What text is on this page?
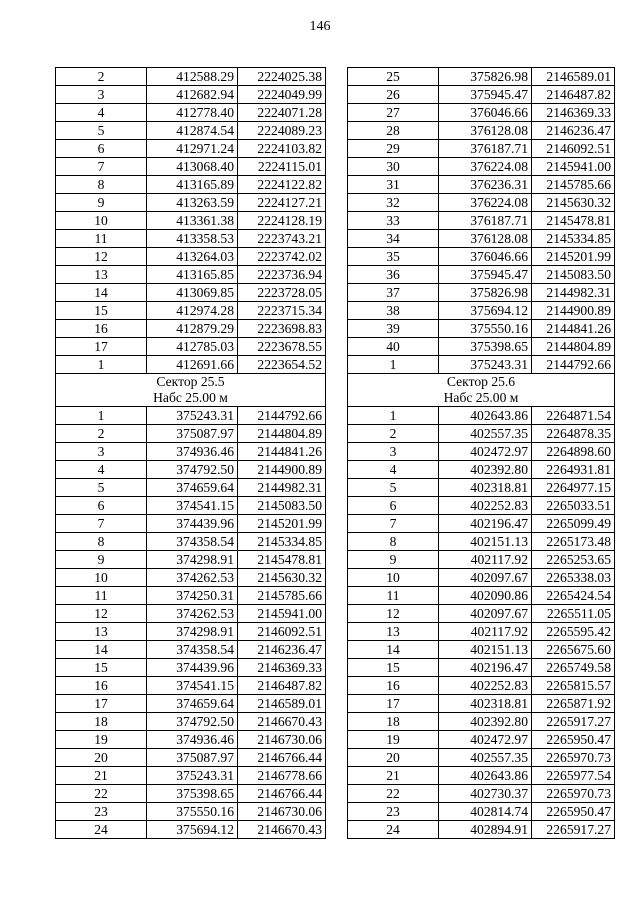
146
2	412588.29	2224025.38
3	412682.94	2224049.99
4	412778.40	2224071.28
5	412874.54	2224089.23
6	412971.24	2224103.82
7	413068.40	2224115.01
8	413165.89	2224122.82
9	413263.59	2224127.21
10	413361.38	2224128.19
11	413358.53	2223743.21
12	413264.03	2223742.02
13	413165.85	2223736.94
14	413069.85	2223728.05
15	412974.28	2223715.34
16	412879.29	2223698.83
17	412785.03	2223678.55
1	412691.66	2223654.52

Сектор 25.5
Набс 25.00 м		

1	375243.31	2144792.66
2	375087.97	2144804.89
3	374936.46	2144841.26
4	374792.50	2144900.89
5	374659.64	2144982.31
6	374541.15	2145083.50
7	374439.96	2145201.99
8	374358.54	2145334.85
9	374298.91	2145478.81
10	374262.53	2145630.32
11	374250.31	2145785.66
12	374262.53	2145941.00
13	374298.91	2146092.51
14	374358.54	2146236.47
15	374439.96	2146369.33
16	374541.15	2146487.82
17	374659.64	2146589.01
18	374792.50	2146670.43
19	374936.46	2146730.06
20	375087.97	2146766.44
21	375243.31	2146778.66
22	375398.65	2146766.44
23	375550.16	2146730.06
24	375694.12	2146670.43
25	375826.98	2146589.01
26	375945.47	2146487.82
27	376046.66	2146369.33
28	376128.08	2146236.47
29	376187.71	2146092.51
30	376224.08	2145941.00
31	376236.31	2145785.66
32	376224.08	2145630.32
33	376187.71	2145478.81
34	376128.08	2145334.85
35	376046.66	2145201.99
36	375945.47	2145083.50
37	375826.98	2144982.31
38	375694.12	2144900.89
39	375550.16	2144841.26
40	375398.65	2144804.89
1	375243.31	2144792.66

Сектор 25.6
Набс 25.00 м		

1	402643.86	2264871.54
2	402557.35	2264878.35
3	402472.97	2264898.60
4	402392.80	2264931.81
5	402318.81	2264977.15
6	402252.83	2265033.51
7	402196.47	2265099.49
8	402151.13	2265173.48
9	402117.92	2265253.65
10	402097.67	2265338.03
11	402090.86	2265424.54
12	402097.67	2265511.05
13	402117.92	2265595.42
14	402151.13	2265675.60
15	402196.47	2265749.58
16	402252.83	2265815.57
17	402318.81	2265871.92
18	402392.80	2265917.27
19	402472.97	2265950.47
20	402557.35	2265970.73
21	402643.86	2265977.54
22	402730.37	2265970.73
23	402814.74	2265950.47
24	402894.91	2265917.27
